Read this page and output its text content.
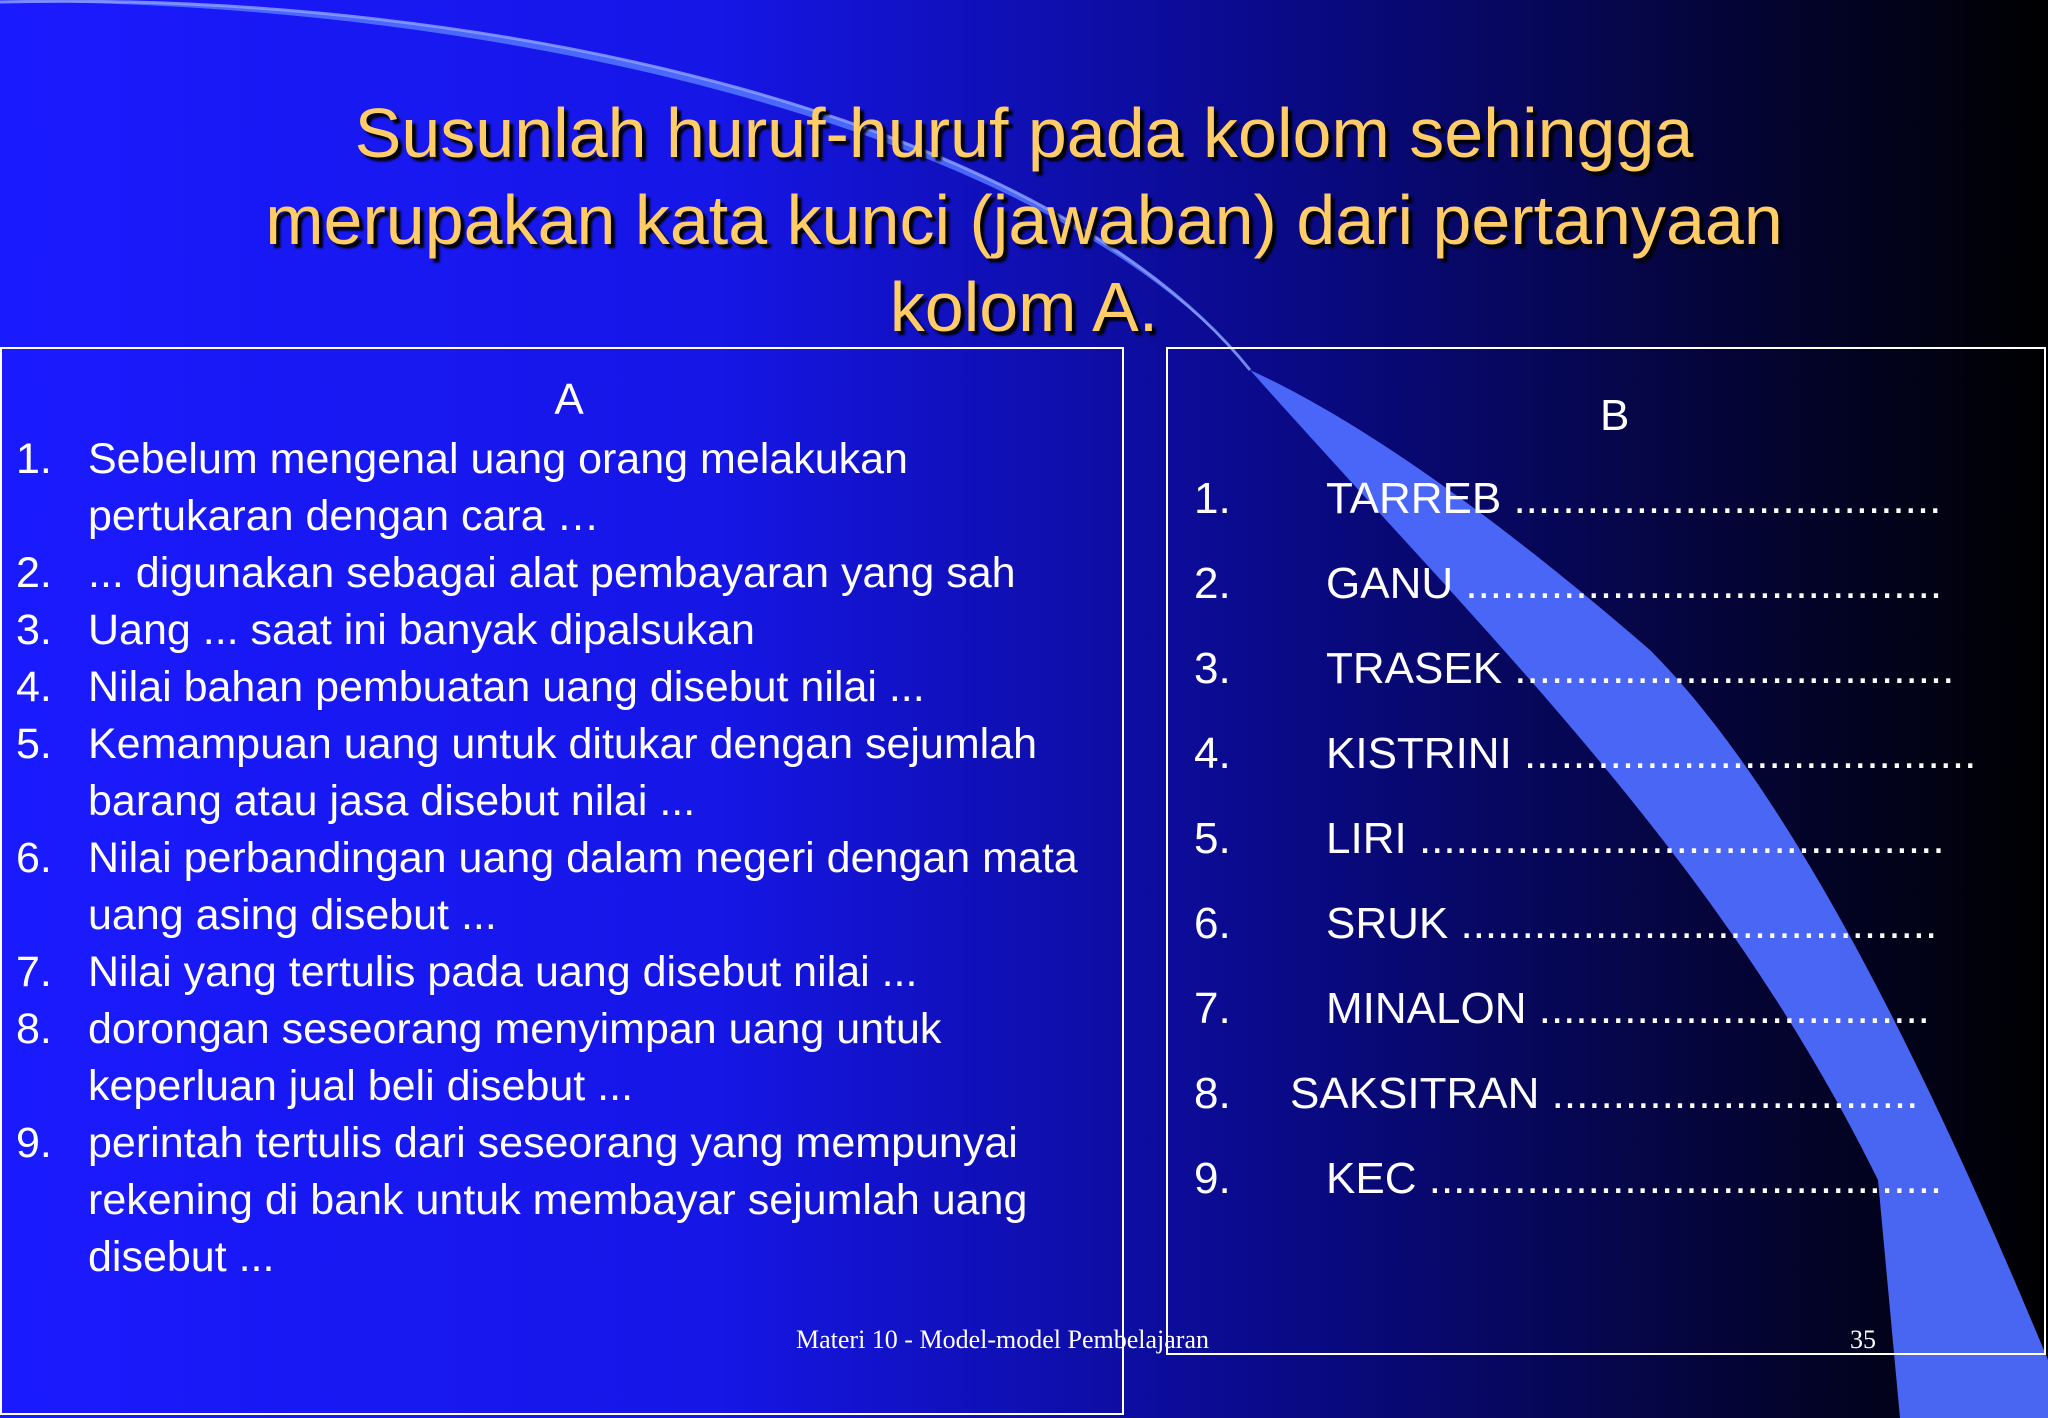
Susunlah huruf-huruf pada kolom sehingga
merupakan kata kunci (jawaban) dari pertanyaan
kolom A.
A
1. Sebelum mengenal uang orang melakukan pertukaran dengan cara …
2. ... digunakan sebagai alat pembayaran yang sah
3. Uang ... saat ini banyak dipalsukan
4. Nilai bahan pembuatan uang disebut nilai ...
5. Kemampuan uang untuk ditukar dengan sejumlah barang atau jasa disebut nilai ...
6. Nilai perbandingan uang dalam negeri dengan mata uang asing disebut ...
7. Nilai yang tertulis pada uang disebut nilai ...
8. dorongan seseorang menyimpan uang untuk keperluan jual beli disebut ...
9. perintah tertulis dari seseorang yang mempunyai rekening di bank untuk membayar sejumlah uang disebut ...
B
1. TARREB ...................................
2. GANU .......................................
3. TRASEK ....................................
4. KISTRINI .....................................
5. LIRI ...........................................
6. SRUK .......................................
7. MINALON ................................
8. SAKSITRAN ..............................
9. KEC ..........................................
Materi 10 - Model-model Pembelajaran	35
